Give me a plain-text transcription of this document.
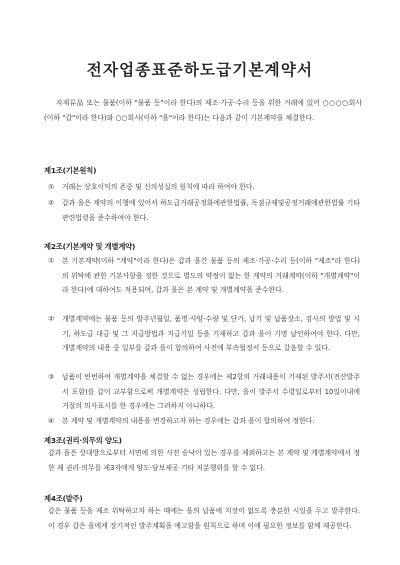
전자업종표준하도급기본계약서
자재류品 또는 물품(이하 "물품 등"이라 한다)의 제조·가공·수리 등을 위한 거래에 있어 ○○○○회사(이하 "갑"이라 한다)와 ○○회사(이하 "을"이라 한다)는 다음과 같이 기본계약을 체결한다.
제1조(기본원칙)
①	거래는 상호이익의 존중 및 신의성실의 원칙에 따라 하여야 한다.
②	갑과 을은 계약의 이행에 있어서 하도급거래공정화에관한법률, 독점규제및공정거래에관한법률 기타 관련법령을 준수하여야 한다.
제2조(기본계약 및 개별계약)
①	본 기본계약(이하 "계약"이라 한다)은 갑과 을간 물품 등의 제조·가공·수리 등(이하 "제조"라 한다)의 위탁에 관한 기본사항을 정한 것으로 별도의 약정이 없는 한 계약의 거래계약(이하 "개별계약"이라 한다)에 대하여도 적용되며, 갑과 을은 본 계약 및 개별계약을 준수한다.
②	개별계약에는 물품 등의 발주년월일, 품명·사양·수량 및 단가, 납기 및 납품장소, 검사의 방법 및 시기, 하도급 대금 및 그 지급방법과 지급기일 등을 기재하고 갑과 을이 기명 날인하여야 한다. 다만, 개별계약의 내용 중 일부를 갑과 을이 합의하여 사전에 부속협정서 등으로 갈음할 수 있다.
③	납품이 빈번하여 개별계약을 체결할 수 없는 경우에는 제2항의 거래내용이 기재된 발주서(전산발주서 포함)를 갑이 교부함으로써 개별계약은 성립한다. 다만, 을이 발주서 수령일로부터 10일이내에 거절의 의사표시를 한 경우에는 그러하지 아니하다.
④	본 계약 및 개별계약의 내용을 변경하고자 하는 경우에는 갑과 을이 합의하여 정한다.
제3조(권리·의무의 양도)
갑과 을은 상대방으로부터 서면에 의한 사전 승낙이 있는 경우를 제외하고는 본 계약 및 개별계약에서 정한 제 권리·의무를 제3자에게 양도·담보제공 기타 처분행위를 할 수 없다.
제4조(발주)
갑은 물품 등을 제조 위탁하고자 하는 때에는 을의 납품에 지장이 없도록 충분한 시일을 두고 발주한다. 이 경우 갑은 을에게 장기적인 발주계획을 예고함을 원칙으로 하며 이에 필요한 정보를 함께 제공한다.
